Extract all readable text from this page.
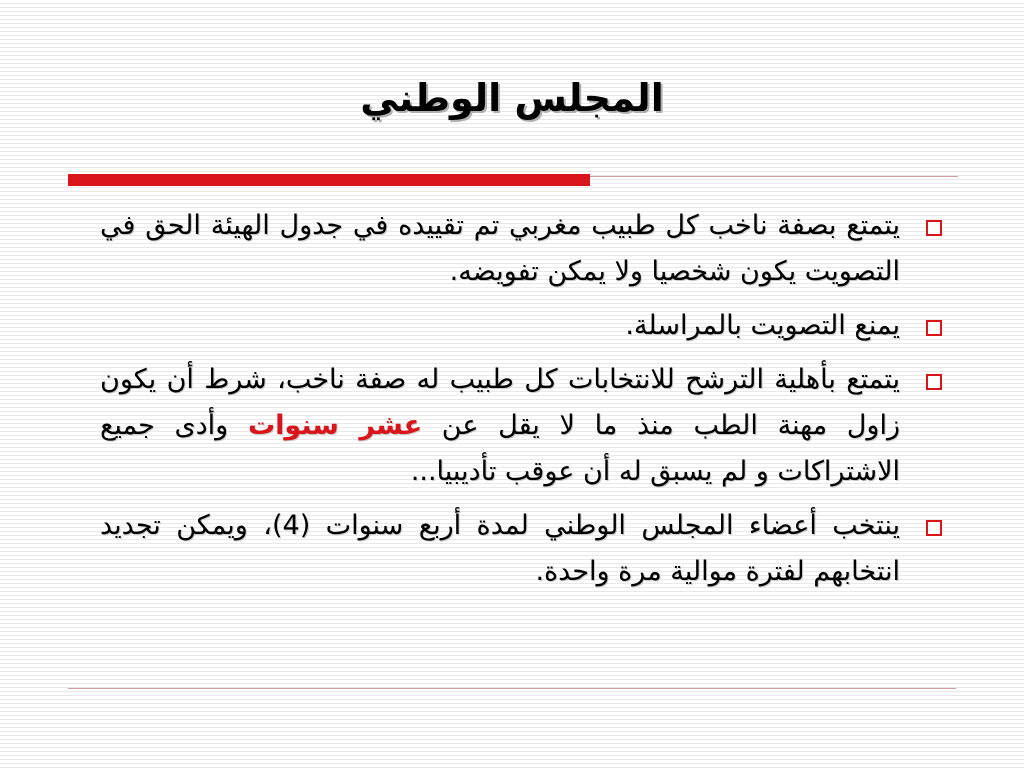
المجلس الوطني
يتمتع بصفة ناخب كل طبيب مغربي تم تقييده في جدول الهيئة الحق في التصويت يكون شخصيا ولا يمكن تفويضه.
يمنع التصويت بالمراسلة.
يتمتع بأهلية الترشح للانتخابات كل طبيب له صفة ناخب، شرط أن يكون زاول مهنة الطب منذ ما لا يقل عن عشر سنوات وأدى جميع الاشتراكات و لم يسبق له أن عوقب تأديبيا...
ينتخب أعضاء المجلس الوطني لمدة أربع سنوات (4)، ويمكن تجديد انتخابهم لفترة موالية مرة واحدة.
